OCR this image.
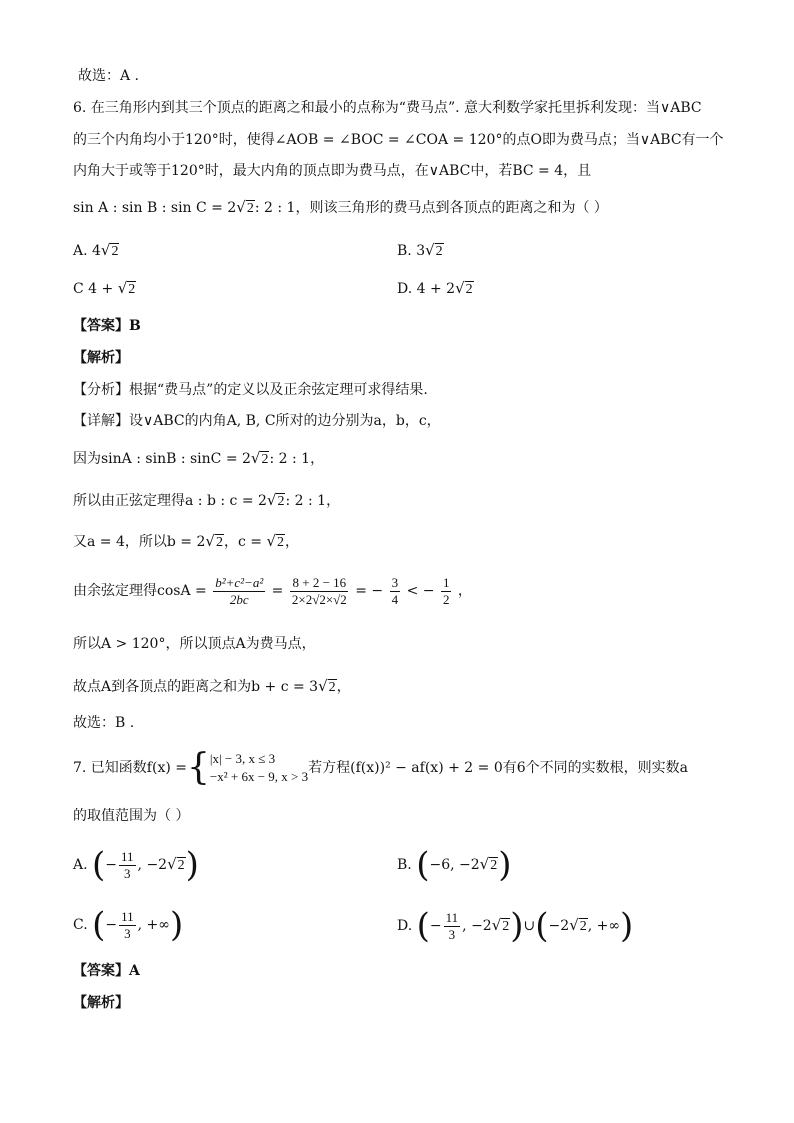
故选：A .
6. 在三角形内到其三个顶点的距离之和最小的点称为“费马点”. 意大利数学家托里拆利发现：当∨ABC
的三个内角均小于120°时，使得∠AOB = ∠BOC = ∠COA = 120°的点O即为费马点；当∨ABC有一个
内角大于或等于120°时，最大内角的顶点即为费马点，在∨ABC中，若BC = 4，且
sin A : sin B : sin C = 2√2: 2 : 1，则该三角形的费马点到各顶点的距离之和为（ ）
A. 4√2	B. 3√2
C 4 + √2	D. 4 + 2√2
【答案】B
【解析】
【分析】根据“费马点”的定义以及正余弦定理可求得结果.
【详解】设∨ABC的内角A, B, C所对的边分别为a，b，c，
因为sinA : sinB : sinC = 2√2: 2 : 1，
所以由正弦定理得a : b : c = 2√2: 2 : 1，
又a = 4，所以b = 2√2，c = √2，
由余弦定理得$\cos A = \frac{\text{b²+c²−a²}}{2bc} = \frac{8 + 2 - 16}{2\times 2√2\times√2}$ = − $\frac{3}{4}$ < − $\frac{1}{2}$ ，
所以A > 120°，所以顶点A为费马点，
故点A到各顶点的距离之和为b + c = 3√2，
故选：B .
7. 已知函数f(x) ={ |x| − 3, x ≤ 3
−x² + 6x − 9, x > 3
若方程(f(x))² − af(x) + 2 = 0有6个不同的实数根，则实数a
的取值范围为（ ）
A. (− $\frac{11}{3}$ , −2√2)	B. (−6, −2√2)
C. (− $\frac{11}{3}$ , +∞)	D. (− $\frac{11}{3}$ , −2√2)∪(−2√2, +∞)
【答案】A
【解析】
